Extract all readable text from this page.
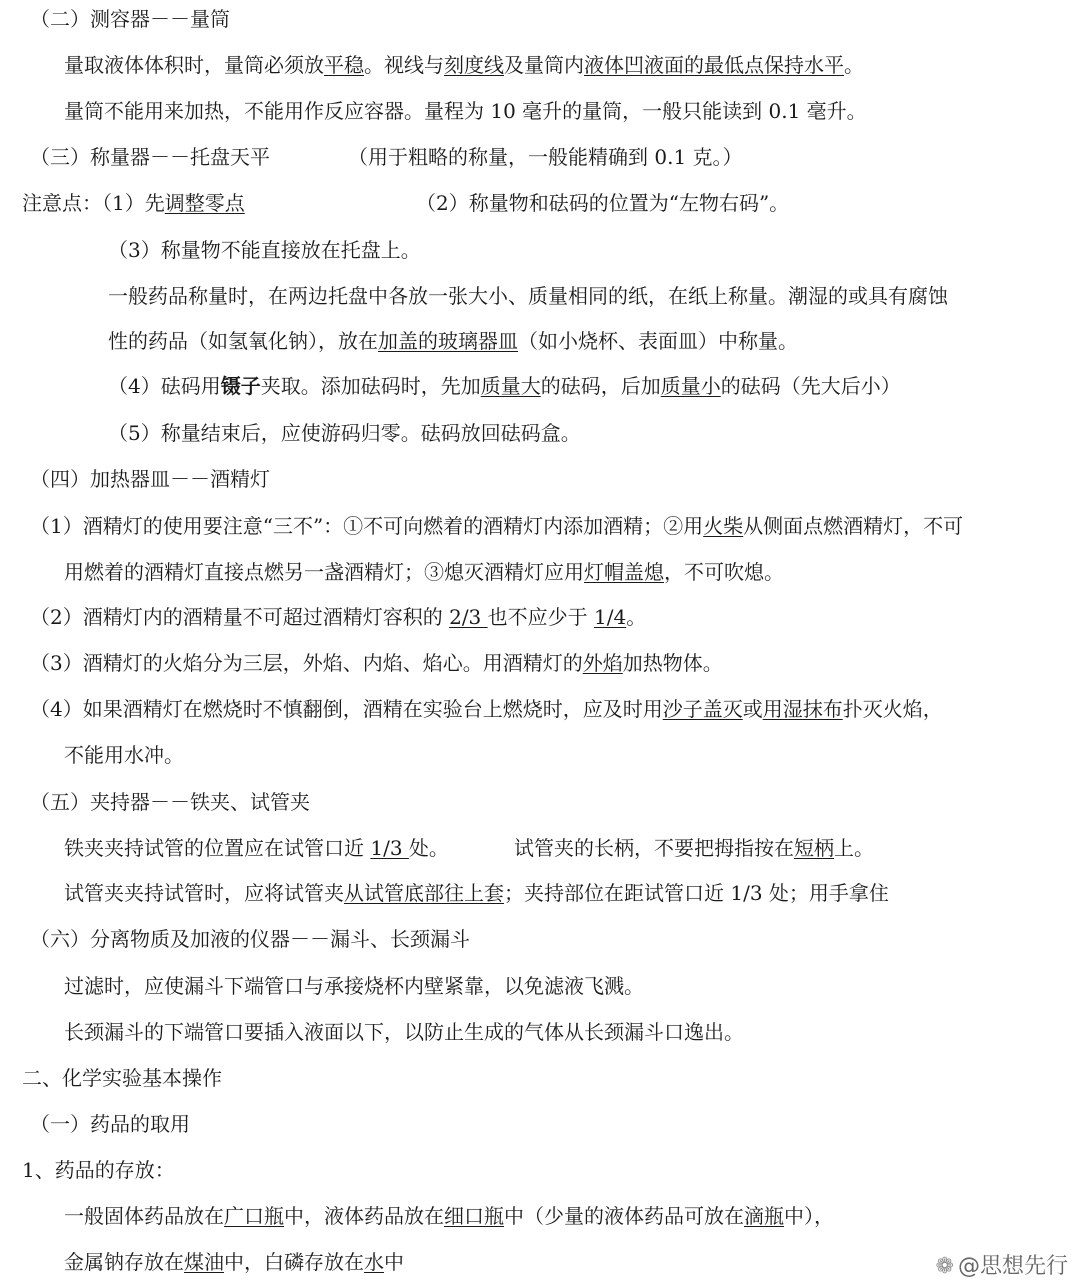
（二）测容器－－量筒
量取液体体积时，量筒必须放平稳。视线与刻度线及量筒内液体凹液面的最低点保持水平。
量筒不能用来加热，不能用作反应容器。量程为 10 毫升的量筒，一般只能读到 0.1 毫升。
（三）称量器－－托盘天平	（用于粗略的称量，一般能精确到 0.1 克。）
注意点：（1）先调整零点	（2）称量物和砝码的位置为“左物右码”。
（3）称量物不能直接放在托盘上。
一般药品称量时，在两边托盘中各放一张大小、质量相同的纸，在纸上称量。潮湿的或具有腐蚀
性的药品（如氢氧化钠），放在加盖的玻璃器皿（如小烧杯、表面皿）中称量。
（4）砝码用镊子夹取。添加砝码时，先加质量大的砝码，后加质量小的砝码（先大后小）
（5）称量结束后，应使游码归零。砝码放回砝码盒。
（四）加热器皿－－酒精灯
（1）酒精灯的使用要注意“三不”：①不可向燃着的酒精灯内添加酒精；②用火柴从侧面点燃酒精灯，不可
用燃着的酒精灯直接点燃另一盏酒精灯；③熄灭酒精灯应用灯帽盖熄，不可吹熄。
（2）酒精灯内的酒精量不可超过酒精灯容积的 2/3 也不应少于 1/4。
（3）酒精灯的火焰分为三层，外焰、内焰、焰心。用酒精灯的外焰加热物体。
（4）如果酒精灯在燃烧时不慎翻倒，酒精在实验台上燃烧时，应及时用沙子盖灭或用湿抹布扑灭火焰，
不能用水冲。
（五）夹持器－－铁夹、试管夹
铁夹夹持试管的位置应在试管口近 1/3 处。	试管夹的长柄，不要把拇指按在短柄上。
试管夹夹持试管时，应将试管夹从试管底部往上套；夹持部位在距试管口近 1/3 处；用手拿住
（六）分离物质及加液的仪器－－漏斗、长颈漏斗
过滤时，应使漏斗下端管口与承接烧杯内壁紧靠，以免滤液飞溅。
长颈漏斗的下端管口要插入液面以下，以防止生成的气体从长颈漏斗口逸出。
二、化学实验基本操作
（一）药品的取用
1、药品的存放：
一般固体药品放在广口瓶中，液体药品放在细口瓶中（少量的液体药品可放在滴瓶中），
金属钠存放在煤油中，白磷存放在水中	❁ @思想先行
